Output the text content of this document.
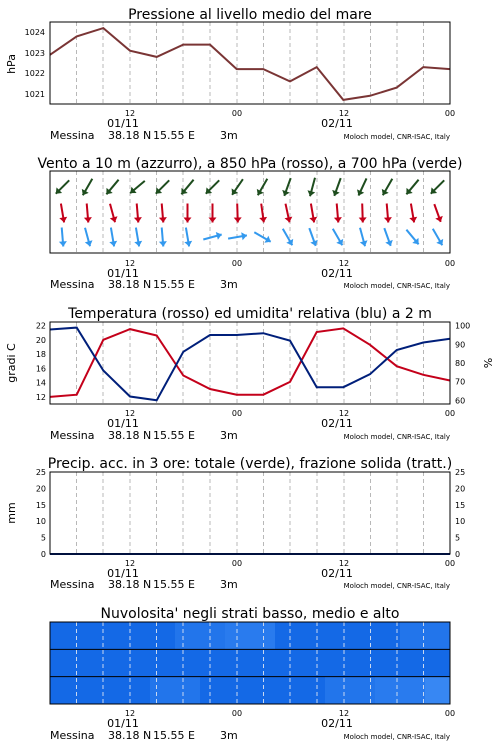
Pressione al livello medio del mare
hPa
1024
1023
1022
1021
12	00	12	00
01/11	02/11
Messina 38.18 N 15.55 E 3m	Moloch model, CNR-ISAC, Italy
Vento a 10 m (azzurro), a 850 hPa (rosso), a 700 hPa (verde)
12	00	12	00
01/11	02/11
Messina 38.18 N 15.55 E 3m	Moloch model, CNR-ISAC, Italy
Temperatura (rosso) ed umidita' relativa (blu) a 2 m
gradi C	%
12
14
16
18
20
22
60
70
80
90
100
12	00	12	00
01/11	02/11
Messina 38.18 N 15.55 E 3m	Moloch model, CNR-ISAC, Italy
Precip. acc. in 3 ore: totale (verde), frazione solida (tratt.)
mm
0	0
5	5
10	10
15	15
20	20
25	25
12	00	12	00
01/11	02/11
Messina 38.18 N 15.55 E 3m	Moloch model, CNR-ISAC, Italy
Nuvolosita' negli strati basso, medio e alto
12	00	12	00
01/11	02/11
Messina 38.18 N 15.55 E 3m	Moloch model, CNR-ISAC, Italy
